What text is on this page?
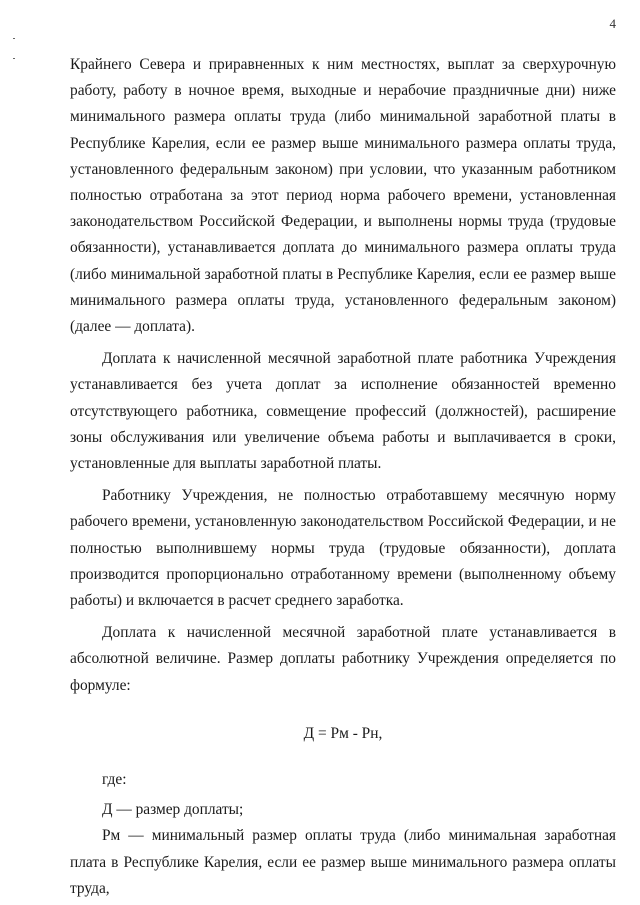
4

Крайнего Севера и приравненных к ним местностях, выплат за сверхурочную работу, работу в ночное время, выходные и нерабочие праздничные дни) ниже минимального размера оплаты труда (либо минимальной заработной платы в Республике Карелия, если ее размер выше минимального размера оплаты труда, установленного федеральным законом) при условии, что указанным работником полностью отработана за этот период норма рабочего времени, установленная законодательством Российской Федерации, и выполнены нормы труда (трудовые обязанности), устанавливается доплата до минимального размера оплаты труда (либо минимальной заработной платы в Республике Карелия, если ее размер выше минимального размера оплаты труда, установленного федеральным законом) (далее — доплата).

Доплата к начисленной месячной заработной плате работника Учреждения устанавливается без учета доплат за исполнение обязанностей временно отсутствующего работника, совмещение профессий (должностей), расширение зоны обслуживания или увеличение объема работы и выплачивается в сроки, установленные для выплаты заработной платы.

Работнику Учреждения, не полностью отработавшему месячную норму рабочего времени, установленную законодательством Российской Федерации, и не полностью выполнившему нормы труда (трудовые обязанности), доплата производится пропорционально отработанному времени (выполненному объему работы) и включается в расчет среднего заработка.

Доплата к начисленной месячной заработной плате устанавливается в абсолютной величине. Размер доплаты работнику Учреждения определяется по формуле:

Д = Рм - Рн,
где:
Д — размер доплаты;

Рм — минимальный размер оплаты труда (либо минимальная заработная плата в Республике Карелия, если ее размер выше минимального размера оплаты труда,
